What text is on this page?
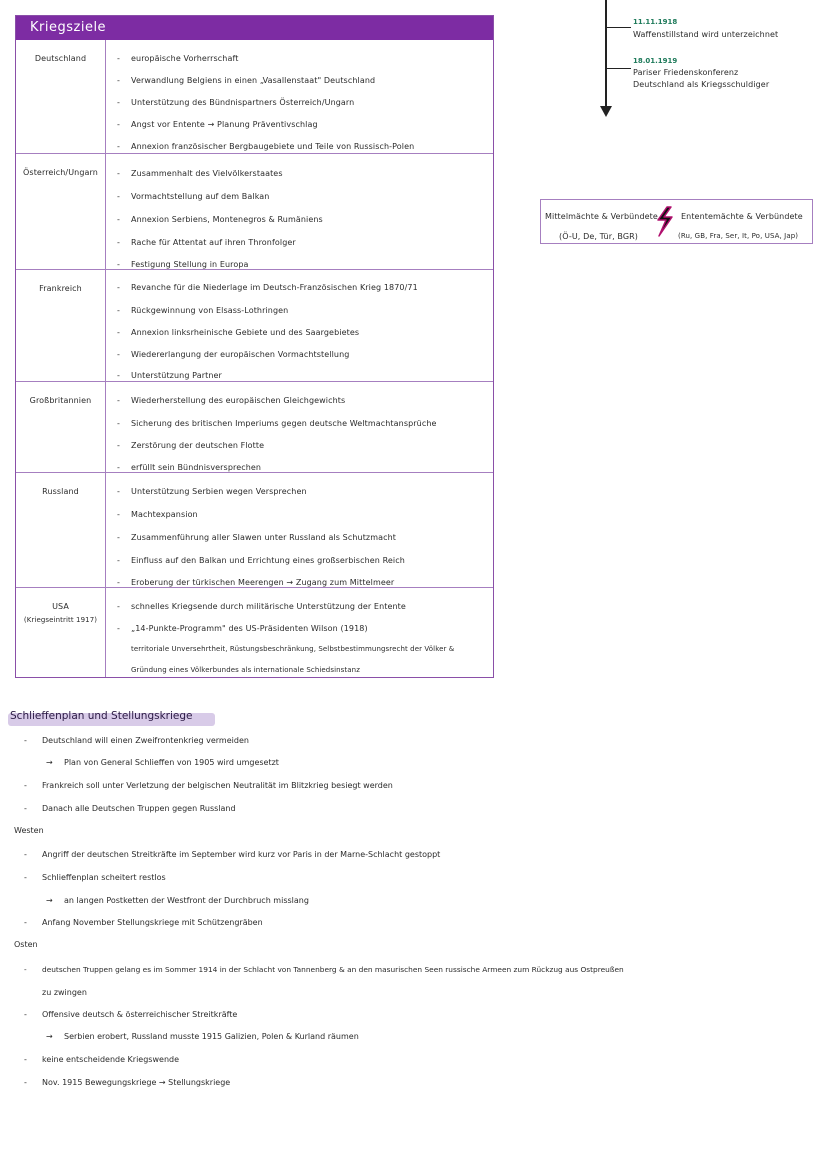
Kriegsziele
Deutschland	- europäische Vorherrschaft
- Verwandlung Belgiens in einen „Vasallenstaat" Deutschland
- Unterstützung des Bündnispartners Österreich/Ungarn
- Angst vor Entente → Planung Präventivschlag
- Annexion französischer Bergbaugebiete und Teile von Russisch-Polen
Österreich/Ungarn	- Zusammenhalt des Vielvölkerstaates
- Vormachtstellung auf dem Balkan
- Annexion Serbiens, Montenegros & Rumäniens
- Rache für Attentat auf ihren Thronfolger
- Festigung Stellung in Europa
Frankreich	- Revanche für die Niederlage im Deutsch-Französischen Krieg 1870/71
- Rückgewinnung von Elsass-Lothringen
- Annexion linksrheinische Gebiete und des Saargebietes
- Wiedererlangung der europäischen Vormachtstellung
- Unterstützung Partner
Großbritannien	- Wiederherstellung des europäischen Gleichgewichts
- Sicherung des britischen Imperiums gegen deutsche Weltmachtansprüche
- Zerstörung der deutschen Flotte
- erfüllt sein Bündnisversprechen
Russland	- Unterstützung Serbien wegen Versprechen
- Machtexpansion
- Zusammenführung aller Slawen unter Russland als Schutzmacht
- Einfluss auf den Balkan und Errichtung eines großserbischen Reich
- Eroberung der türkischen Meerengen → Zugang zum Mittelmeer
USA
(Kriegseintritt 1917)
- schnelles Kriegsende durch militärische Unterstützung der Entente
- „14-Punkte-Programm" des US-Präsidenten Wilson (1918)
territoriale Unversehrtheit, Rüstungsbeschränkung, Selbstbestimmungsrecht der Völker &
Gründung eines Völkerbundes als internationale Schiedsinstanz
11.11.1918
Waffenstillstand wird unterzeichnet
18.01.1919
Pariser Friedenskonferenz
Deutschland als Kriegsschuldiger
Mittelmächte & Verbündete
(Ö-U, De, Tür, BGR)
Ententemächte & Verbündete
(Ru, GB, Fra, Ser, It, Po, USA, Jap)
Schlieffenplan und Stellungskriege
- Deutschland will einen Zweifrontenkrieg vermeiden
→ Plan von General Schlieffen von 1905 wird umgesetzt
- Frankreich soll unter Verletzung der belgischen Neutralität im Blitzkrieg besiegt werden
- Danach alle Deutschen Truppen gegen Russland
Westen
- Angriff der deutschen Streitkräfte im September wird kurz vor Paris in der Marne-Schlacht gestoppt
- Schlieffenplan scheitert restlos
→ an langen Postketten der Westfront der Durchbruch misslang
- Anfang November Stellungskriege mit Schützengräben
Osten
- deutschen Truppen gelang es im Sommer 1914 in der Schlacht von Tannenberg & an den masurischen Seen russische Armeen zum Rückzug aus Ostpreußen
zu zwingen
- Offensive deutsch & österreichischer Streitkräfte
→ Serbien erobert, Russland musste 1915 Galizien, Polen & Kurland räumen
- keine entscheidende Kriegswende
- Nov. 1915 Bewegungskriege → Stellungskriege
